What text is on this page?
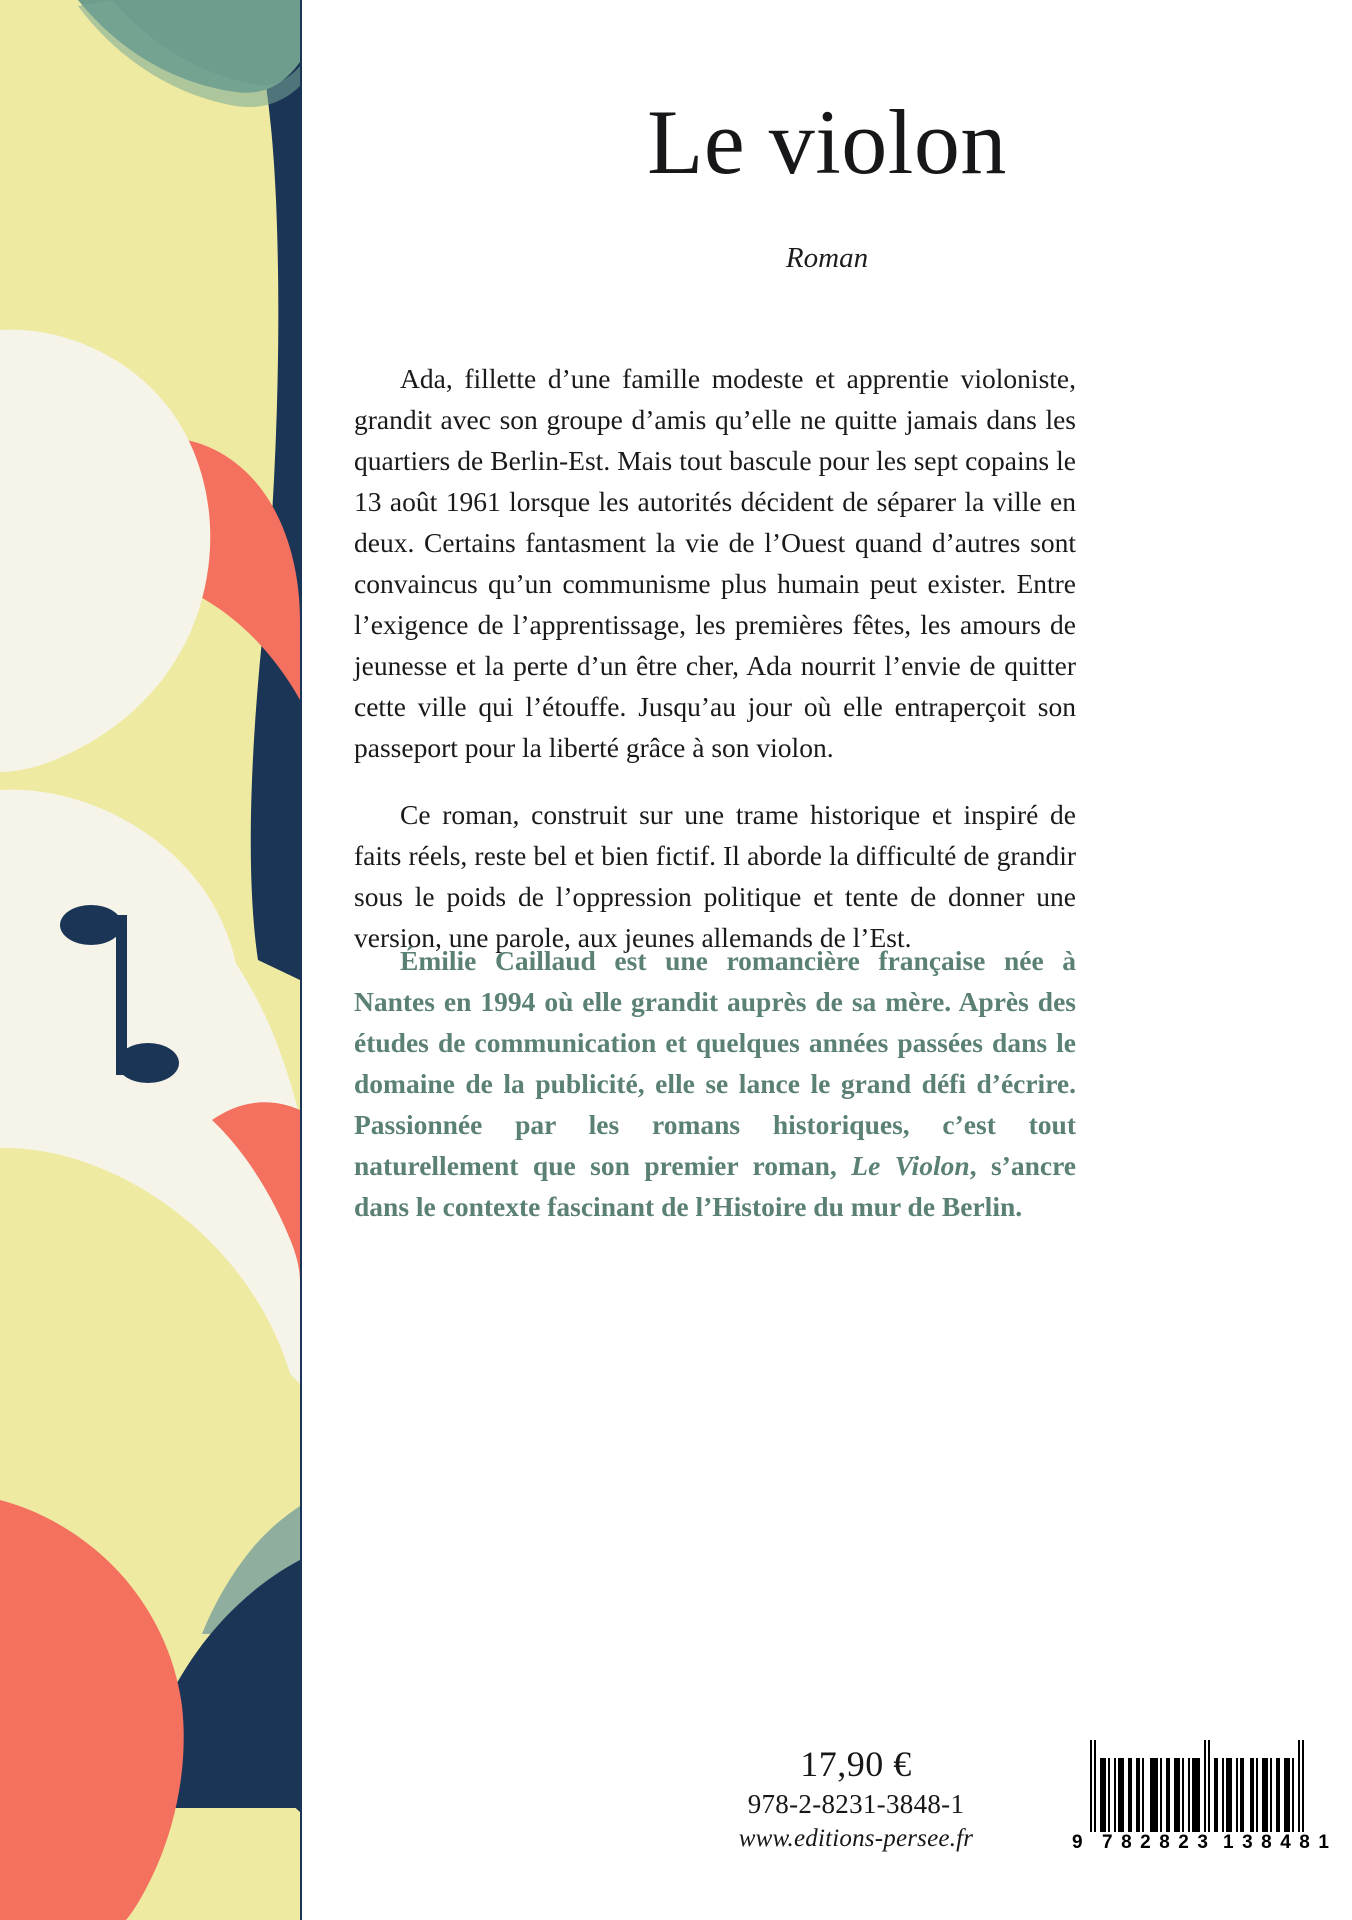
Le violon
Roman

Ada, fillette d’une famille modeste et apprentie violoniste, grandit avec son groupe d’amis qu’elle ne quitte jamais dans les quartiers de Berlin-Est. Mais tout bascule pour les sept copains le 13 août 1961 lorsque les autorités décident de séparer la ville en deux. Certains fantasment la vie de l’Ouest quand d’autres sont convaincus qu’un communisme plus humain peut exister. Entre l’exigence de l’apprentissage, les premières fêtes, les amours de jeunesse et la perte d’un être cher, Ada nourrit l’envie de quitter cette ville qui l’étouffe. Jusqu’au jour où elle entraperçoit son passeport pour la liberté grâce à son violon.

Ce roman, construit sur une trame historique et inspiré de faits réels, reste bel et bien fictif. Il aborde la difficulté de grandir sous le poids de l’oppression politique et tente de donner une version, une parole, aux jeunes allemands de l’Est.

Émilie Caillaud est une romancière française née à Nantes en 1994 où elle grandit auprès de sa mère. Après des études de communication et quelques années passées dans le domaine de la publicité, elle se lance le grand défi d’écrire. Passionnée par les romans historiques, c’est tout naturellement que son premier roman, Le Violon, s’ancre dans le contexte fascinant de l’Histoire du mur de Berlin.
17,90 €
978-2-8231-3848-1
www.editions-persee.fr	9 782823 138481
